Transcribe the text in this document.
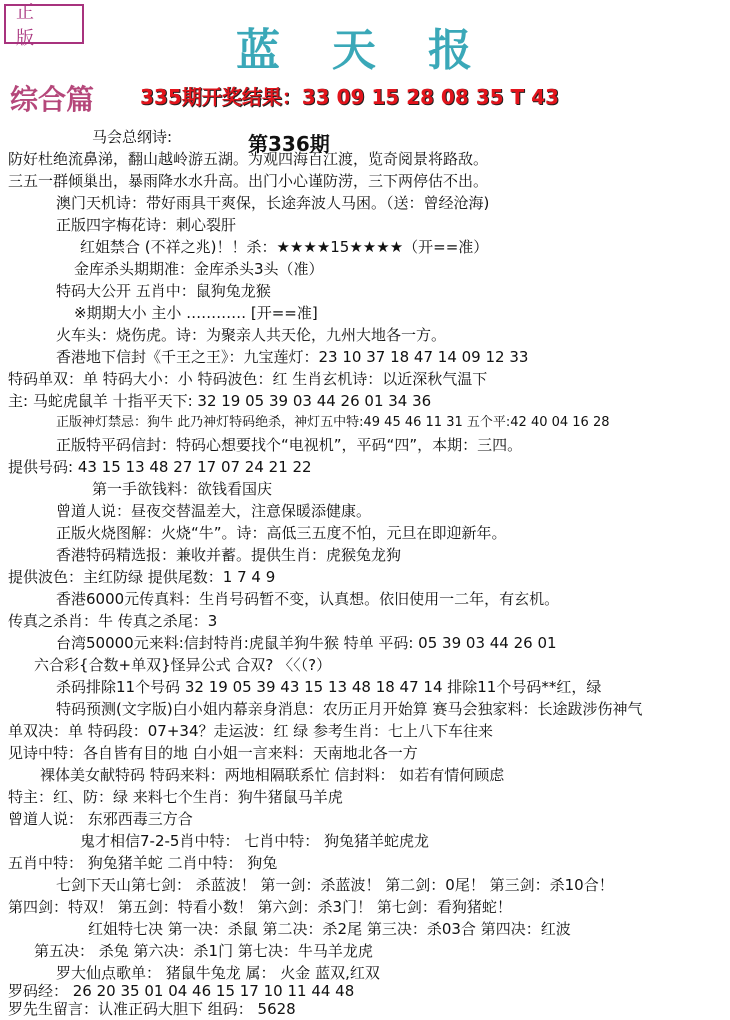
正 版	蓝天报
综合篇 335期开奖结果：33 09 15 28 08 35 T 43
第336期
马会总纲诗:
防好杜绝流鼻涕，翻山越岭游五湖。为观四海百江渡，览奇阅景将路敌。
三五一群倾巢出，暴雨降水水升高。出门小心谨防涝，三下两停估不出。
澳门天机诗：带好雨具干爽保，长途奔波人马困。（送：曾经沧海)
正版四字梅花诗：刺心裂肝
红姐禁合 (不祥之兆)！！杀：★★★★15★★★★（开==准）
金库杀头期期准：金库杀头3头（准）
特码大公开 五肖中：鼠狗兔龙猴
※期期大小 主小 ………… [开==准]
火车头：烧伤虎。诗：为聚亲人共天伦，九州大地各一方。
香港地下信封《千王之王》：九宝莲灯：23 10 37 18 47 14 09 12 33
特码单双：单 特码大小：小 特码波色：红 生肖玄机诗：以近深秋气温下
主: 马蛇虎鼠羊 十指平天下: 32 19 05 39 03 44 26 01 34 36
正版神灯禁忌：狗牛 此乃神灯特码绝杀，神灯五中特:49 45 46 11 31 五个平:42 40 04 16 28
正版特平码信封：特码心想要找个“电视机”，平码“四”，本期：三四。
提供号码: 43 15 13 48 27 17 07 24 21 22
第一手欲钱料：欲钱看国庆
曾道人说：昼夜交替温差大，注意保暖添健康。
正版火烧图解：火烧“牛”。诗：高低三五度不怕，元旦在即迎新年。
香港特码精选报：兼收并蓄。提供生肖：虎猴兔龙狗
提供波色：主红防绿 提供尾数：1 7 4 9
香港6000元传真料：生肖号码暂不变，认真想。依旧使用一二年，有玄机。
传真之杀肖：牛 传真之杀尾：3
台湾50000元来料:信封特肖:虎鼠羊狗牛猴 特单 平码: 05 39 03 44 26 01
六合彩{合数+单双}怪异公式 合双? 〈〈（?）
杀码排除11个号码 32 19 05 39 43 15 13 48 18 47 14 排除11个号码**红，绿
特码预测(文字版)白小姐内幕亲身消息：农历正月开始算 赛马会独家料：长途跋涉伤神气
单双决：单 特码段：07+34？走运波：红 绿 参考生肖：七上八下车往来
见诗中特：各自皆有目的地 白小姐一言来料：天南地北各一方
裸体美女献特码 特码来料：两地相隔联系忙 信封料： 如若有情何顾虑
特主：红、防：绿 来料七个生肖：狗牛猪鼠马羊虎
曾道人说： 东邪西毒三方合
鬼才相信7-2-5肖中特： 七肖中特： 狗兔猪羊蛇虎龙
五肖中特： 狗兔猪羊蛇 二肖中特： 狗兔
七剑下天山第七剑： 杀蓝波！ 第一剑：杀蓝波！ 第二剑：0尾！ 第三剑：杀10合！
第四剑：特双！ 第五剑：特看小数！ 第六剑：杀3门！ 第七剑：看狗猪蛇！
红姐特七决 第一决：杀鼠 第二决：杀2尾 第三决：杀03合 第四决：红波
第五决： 杀兔 第六决：杀1门 第七决：牛马羊龙虎
罗大仙点歌单： 猪鼠牛兔龙 属： 火金 蓝双,红双
罗码经： 26 20 35 01 04 46 15 17 10 11 44 48
罗先生留言：认准正码大胆下 组码： 5628
